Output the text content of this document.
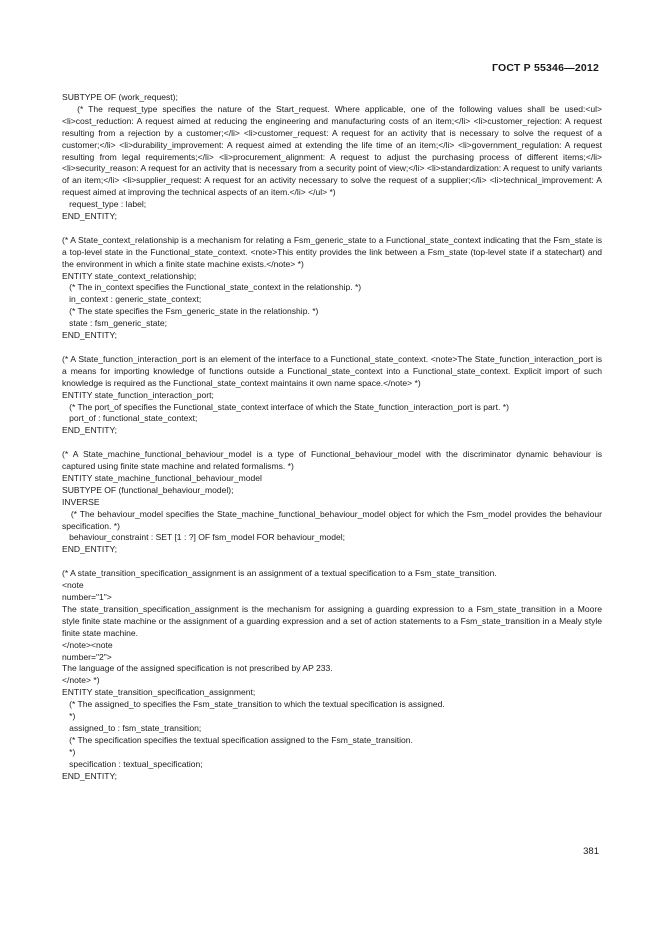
ГОСТ Р 55346—2012

SUBTYPE OF (work_request);

(* The request_type specifies the nature of the Start_request. Where applicable, one of the following values shall be used:<ul><li>cost_reduction: A request aimed at reducing the engineering and manufacturing costs of an item;</li> <li>customer_rejection: A request resulting from a rejection by a customer;</li> <li>customer_request: A request for an activity that is necessary to solve the request of a customer;</li> <li>durability_improvement: A request aimed at extending the life time of an item;</li> <li>government_regulation: A request resulting from legal requirements;</li> <li>procurement_alignment: A request to adjust the purchasing process of different items;</li> <li>security_reason: A request for an activity that is necessary from a security point of view;</li> <li>standardization: A request to unify variants of an item;</li> <li>supplier_request: A request for an activity necessary to solve the request of a supplier;</li> <li>technical_improvement: A request aimed at improving the technical aspects of an item.</li> </ul> *)

request_type : label;

END_ENTITY;

(* A State_context_relationship is a mechanism for relating a Fsm_generic_state to a Functional_state_context indicating that the Fsm_state is a top-level state in the Functional_state_context. <note>This entity provides the link between a Fsm_state (top-level state if a statechart) and the environment in which a finite state machine exists.</note> *)

ENTITY state_context_relationship;

(* The in_context specifies the Functional_state_context in the relationship. *)

in_context : generic_state_context;

(* The state specifies the Fsm_generic_state in the relationship. *)

state : fsm_generic_state;

END_ENTITY;

(* A State_function_interaction_port is an element of the interface to a Functional_state_context. <note>The State_function_interaction_port is a means for importing knowledge of functions outside a Functional_state_context into a Functional_state_context. Explicit import of such knowledge is required as the Functional_state_context maintains it own name space.</note> *)

ENTITY state_function_interaction_port;

(* The port_of specifies the Functional_state_context interface of which the State_function_interaction_port is part. *)

port_of : functional_state_context;

END_ENTITY;

(* A State_machine_functional_behaviour_model is a type of Functional_behaviour_model with the discriminator dynamic behaviour is captured using finite state machine and related formalisms. *)

ENTITY state_machine_functional_behaviour_model

SUBTYPE OF (functional_behaviour_model);

INVERSE

(* The behaviour_model specifies the State_machine_functional_behaviour_model object for which the Fsm_model provides the behaviour specification. *)

behaviour_constraint : SET [1 : ?] OF fsm_model FOR behaviour_model;

END_ENTITY;

(* A state_transition_specification_assignment is an assignment of a textual specification to a Fsm_state_transition.

<note

number="1">

The state_transition_specification_assignment is the mechanism for assigning a guarding expression to a Fsm_state_transition in a Moore style finite state machine or the assignment of a guarding expression and a set of action statements to a Fsm_state_transition in a Mealy style finite state machine.

</note><note

number="2">

The language of the assigned specification is not prescribed by AP 233.

</note> *)

ENTITY state_transition_specification_assignment;

(* The assigned_to specifies the Fsm_state_transition to which the textual specification is assigned.

*)

assigned_to : fsm_state_transition;

(* The specification specifies the textual specification assigned to the Fsm_state_transition.

*)

specification : textual_specification;

END_ENTITY;

381
